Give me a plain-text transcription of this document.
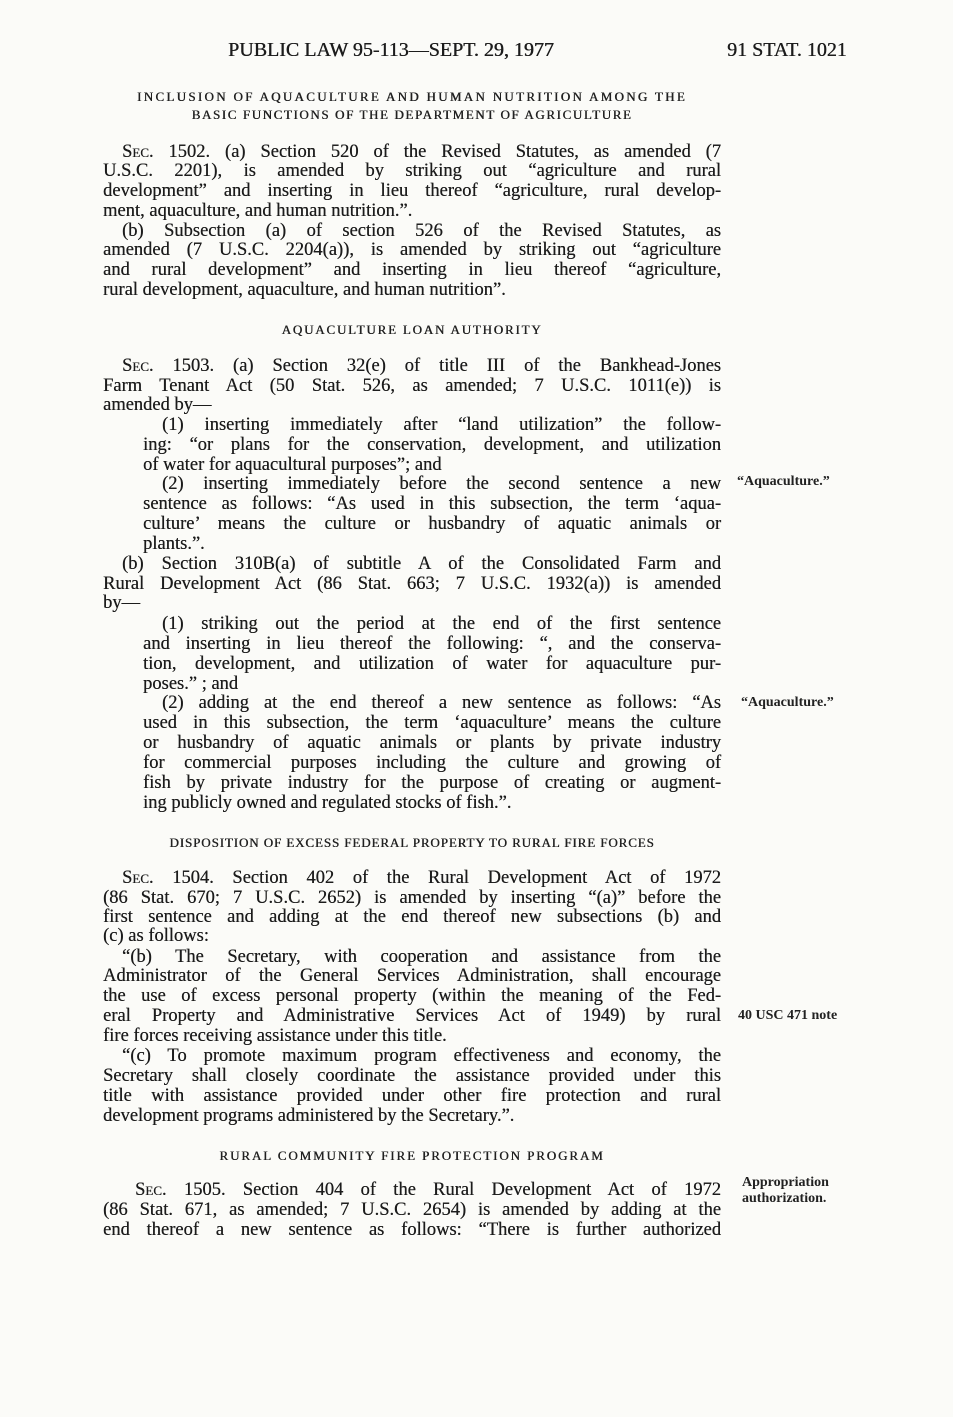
PUBLIC LAW 95-113—SEPT. 29, 1977	91 STAT. 1021
INCLUSION OF AQUACULTURE AND HUMAN NUTRITION AMONG THE
BASIC FUNCTIONS OF THE DEPARTMENT OF AGRICULTURE
Sec. 1502. (a) Section 520 of the Revised Statutes, as amended (7
U.S.C. 2201), is amended by striking out “agriculture and rural
development” and inserting in lieu thereof “agriculture, rural develop-
ment, aquaculture, and human nutrition.”.
(b) Subsection (a) of section 526 of the Revised Statutes, as
amended (7 U.S.C. 2204(a)), is amended by striking out “agriculture
and rural development” and inserting in lieu thereof “agriculture,
rural development, aquaculture, and human nutrition”.
AQUACULTURE LOAN AUTHORITY
Sec. 1503. (a) Section 32(e) of title III of the Bankhead-Jones
Farm Tenant Act (50 Stat. 526, as amended; 7 U.S.C. 1011(e)) is
amended by—
(1) inserting immediately after “land utilization” the follow-
ing: “or plans for the conservation, development, and utilization
of water for aquacultural purposes”; and
(2) inserting immediately before the second sentence a new
sentence as follows: “As used in this subsection, the term ‘aqua-
culture’ means the culture or husbandry of aquatic animals or
plants.”.
(b) Section 310B(a) of subtitle A of the Consolidated Farm and
Rural Development Act (86 Stat. 663; 7 U.S.C. 1932(a)) is amended
by—
(1) striking out the period at the end of the first sentence
and inserting in lieu thereof the following: “, and the conserva-
tion, development, and utilization of water for aquaculture pur-
poses.” ; and
(2) adding at the end thereof a new sentence as follows: “As
used in this subsection, the term ‘aquaculture’ means the culture
or husbandry of aquatic animals or plants by private industry
for commercial purposes including the culture and growing of
fish by private industry for the purpose of creating or augment-
ing publicly owned and regulated stocks of fish.”.
DISPOSITION OF EXCESS FEDERAL PROPERTY TO RURAL FIRE FORCES
Sec. 1504. Section 402 of the Rural Development Act of 1972
(86 Stat. 670; 7 U.S.C. 2652) is amended by inserting “(a)” before the
first sentence and adding at the end thereof new subsections (b) and
(c) as follows:
“(b) The Secretary, with cooperation and assistance from the
Administrator of the General Services Administration, shall encourage
the use of excess personal property (within the meaning of the Fed-
eral Property and Administrative Services Act of 1949) by rural
fire forces receiving assistance under this title.
“(c) To promote maximum program effectiveness and economy, the
Secretary shall closely coordinate the assistance provided under this
title with assistance provided under other fire protection and rural
development programs administered by the Secretary.”.
RURAL COMMUNITY FIRE PROTECTION PROGRAM
Sec. 1505. Section 404 of the Rural Development Act of 1972
(86 Stat. 671, as amended; 7 U.S.C. 2654) is amended by adding at the
end thereof a new sentence as follows: “There is further authorized
“Aquaculture.”
“Aquaculture.”
40 USC 471 note
Appropriation
authorization.
